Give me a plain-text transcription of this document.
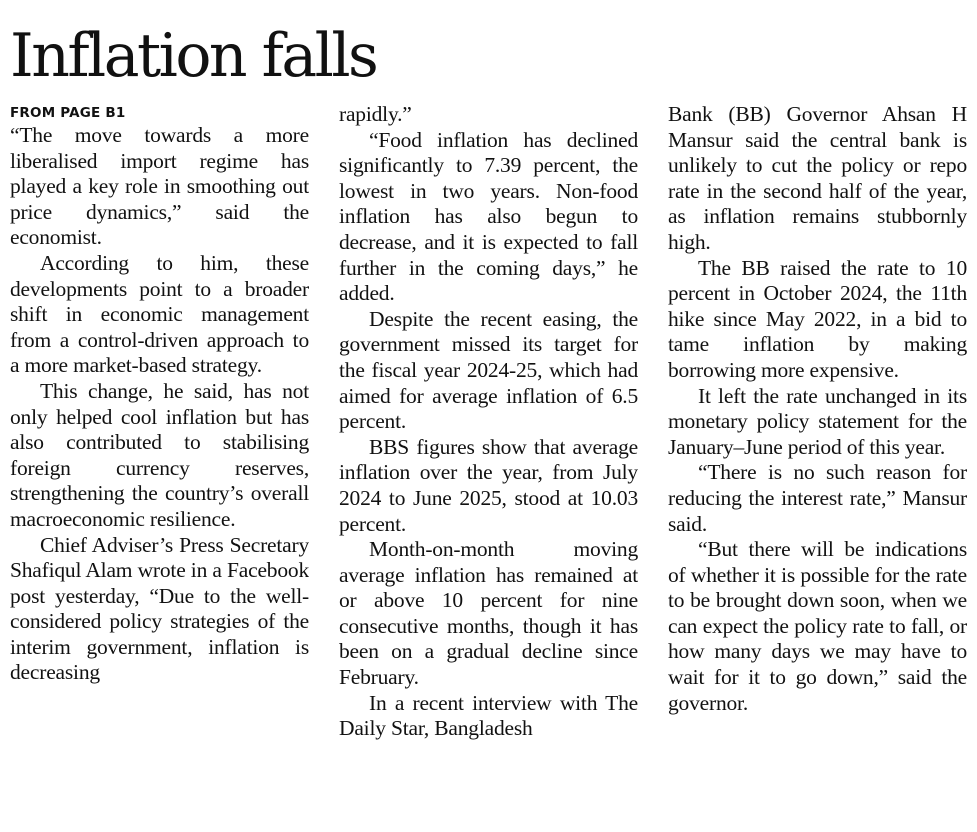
Inflation falls
FROM PAGE B1

“The move towards a more liberalised import regime has played a key role in smoothing out price dynamics,” said the economist.

According to him, these developments point to a broader shift in economic management from a control-driven approach to a more market-based strategy.

This change, he said, has not only helped cool inflation but has also contributed to stabilising foreign currency reserves, strengthening the country’s overall macroeconomic resilience.

Chief Adviser’s Press Secretary Shafiqul Alam wrote in a Facebook post yesterday, “Due to the well-considered policy strategies of the interim government, inflation is decreasing

rapidly.”

“Food inflation has declined significantly to 7.39 percent, the lowest in two years. Non-food inflation has also begun to decrease, and it is expected to fall further in the coming days,” he added.

Despite the recent easing, the government missed its target for the fiscal year 2024-25, which had aimed for average inflation of 6.5 percent.

BBS figures show that average inflation over the year, from July 2024 to June 2025, stood at 10.03 percent.

Month-on-month moving average inflation has remained at or above 10 percent for nine consecutive months, though it has been on a gradual decline since February.

In a recent interview with The Daily Star, Bangladesh

Bank (BB) Governor Ahsan H Mansur said the central bank is unlikely to cut the policy or repo rate in the second half of the year, as inflation remains stubbornly high.

The BB raised the rate to 10 percent in October 2024, the 11th hike since May 2022, in a bid to tame inflation by making borrowing more expensive.

It left the rate unchanged in its monetary policy statement for the January–June period of this year.

“There is no such reason for reducing the interest rate,” Mansur said.

“But there will be indications of whether it is possible for the rate to be brought down soon, when we can expect the policy rate to fall, or how many days we may have to wait for it to go down,” said the governor.
